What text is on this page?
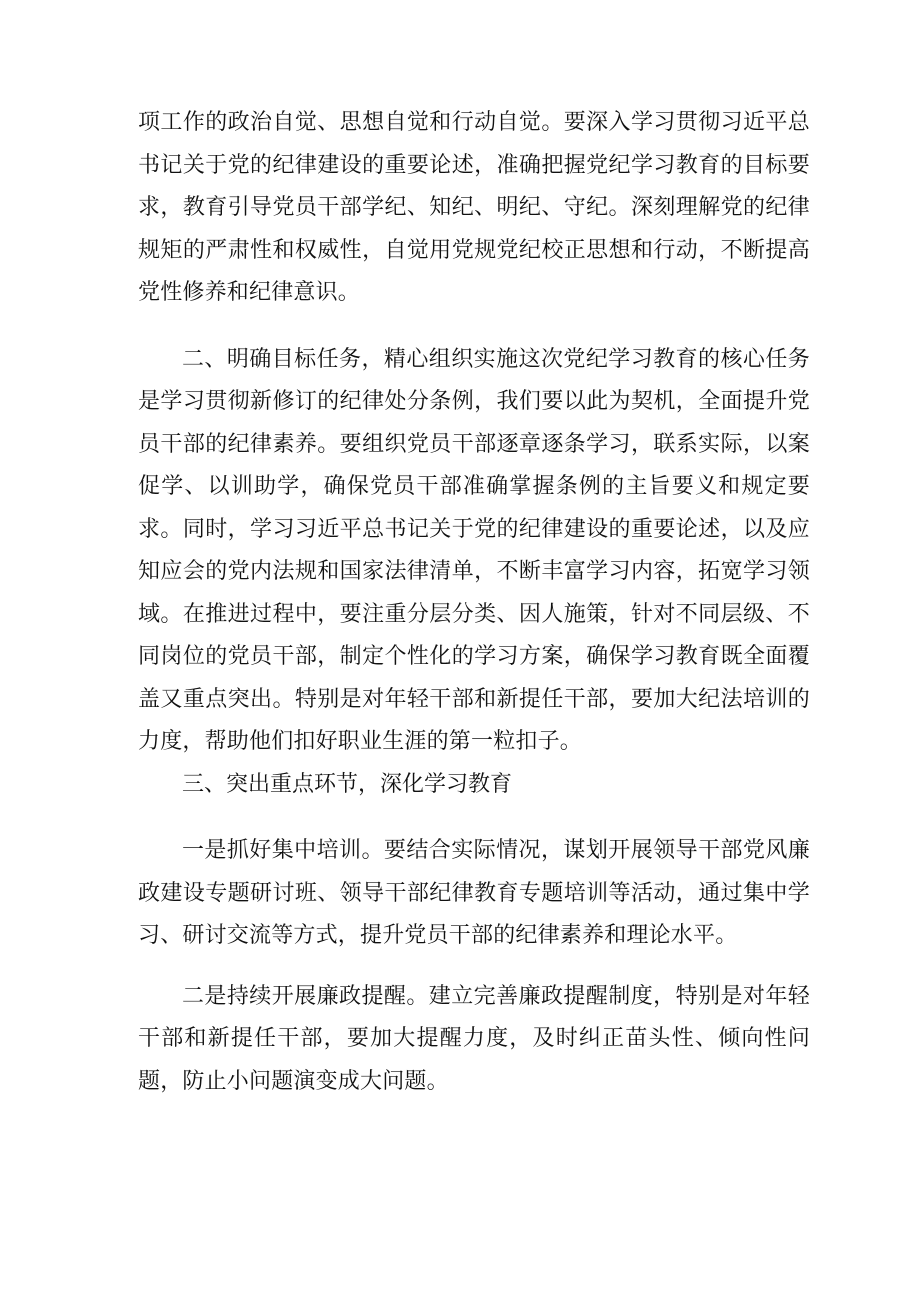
项工作的政治自觉、思想自觉和行动自觉。要深入学习贯彻习近平总书记关于党的纪律建设的重要论述，准确把握党纪学习教育的目标要求，教育引导党员干部学纪、知纪、明纪、守纪。深刻理解党的纪律规矩的严肃性和权威性，自觉用党规党纪校正思想和行动，不断提高党性修养和纪律意识。

二、明确目标任务，精心组织实施这次党纪学习教育的核心任务是学习贯彻新修订的纪律处分条例，我们要以此为契机，全面提升党员干部的纪律素养。要组织党员干部逐章逐条学习，联系实际，以案促学、以训助学，确保党员干部准确掌握条例的主旨要义和规定要求。同时，学习习近平总书记关于党的纪律建设的重要论述，以及应知应会的党内法规和国家法律清单，不断丰富学习内容，拓宽学习领域。在推进过程中，要注重分层分类、因人施策，针对不同层级、不同岗位的党员干部，制定个性化的学习方案，确保学习教育既全面覆盖又重点突出。特别是对年轻干部和新提任干部，要加大纪法培训的力度，帮助他们扣好职业生涯的第一粒扣子。

三、突出重点环节，深化学习教育

一是抓好集中培训。要结合实际情况，谋划开展领导干部党风廉政建设专题研讨班、领导干部纪律教育专题培训等活动，通过集中学习、研讨交流等方式，提升党员干部的纪律素养和理论水平。

二是持续开展廉政提醒。建立完善廉政提醒制度，特别是对年轻干部和新提任干部，要加大提醒力度，及时纠正苗头性、倾向性问题，防止小问题演变成大问题。
